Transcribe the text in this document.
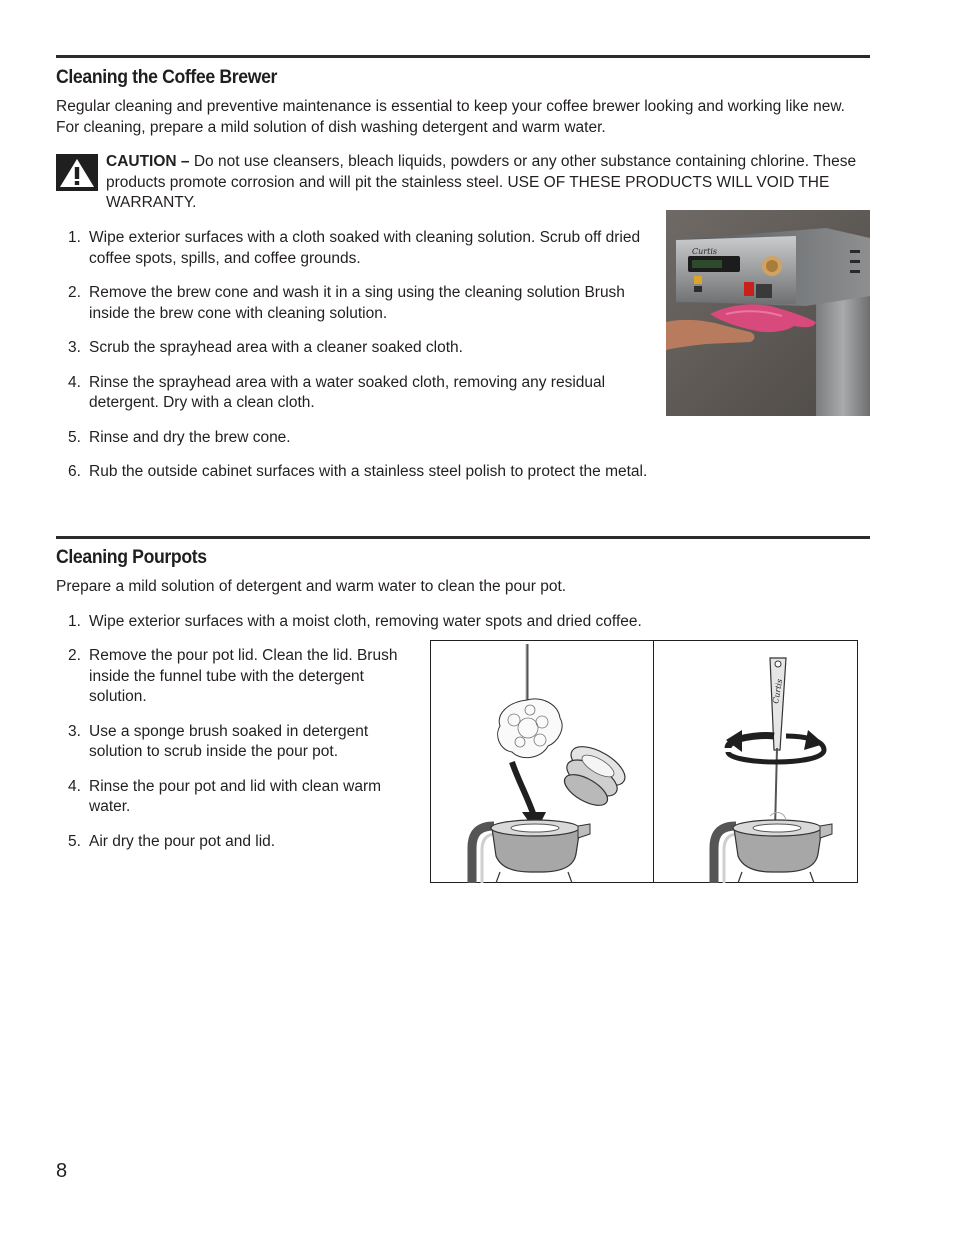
Cleaning the Coffee Brewer

Regular cleaning and preventive maintenance is essential to keep your coffee brewer looking and working like new. For cleaning, prepare a mild solution of dish washing detergent and warm water.

CAUTION – Do not use cleansers, bleach liquids, powders or any other substance containing chlorine. These products promote corrosion and will pit the stainless steel. USE OF THESE PRODUCTS WILL VOID THE WARRANTY.

1. Wipe exterior surfaces with a cloth soaked with cleaning solution. Scrub off dried coffee spots, spills, and coffee grounds.
2. Remove the brew cone and wash it in a sing using the cleaning solution Brush inside the brew cone with cleaning solution.
3. Scrub the sprayhead area with a cleaner soaked cloth.
4. Rinse the sprayhead area with a water soaked cloth, removing any residual detergent. Dry with a clean cloth.
5. Rinse and dry the brew cone.
6. Rub the outside cabinet surfaces with a stainless steel polish to protect the metal.
Curtis
Cleaning Pourpots

Prepare a mild solution of detergent and warm water to clean the pour pot.

1. Wipe exterior surfaces with a moist cloth, removing water spots and dried coffee.
2. Remove the pour pot lid. Clean the lid. Brush inside the funnel tube with the detergent solution.
3. Use a sponge brush soaked in detergent solution to scrub inside the pour pot.
4. Rinse the pour pot and lid with clean warm water.
5. Air dry the pour pot and lid.
Curtis

8
